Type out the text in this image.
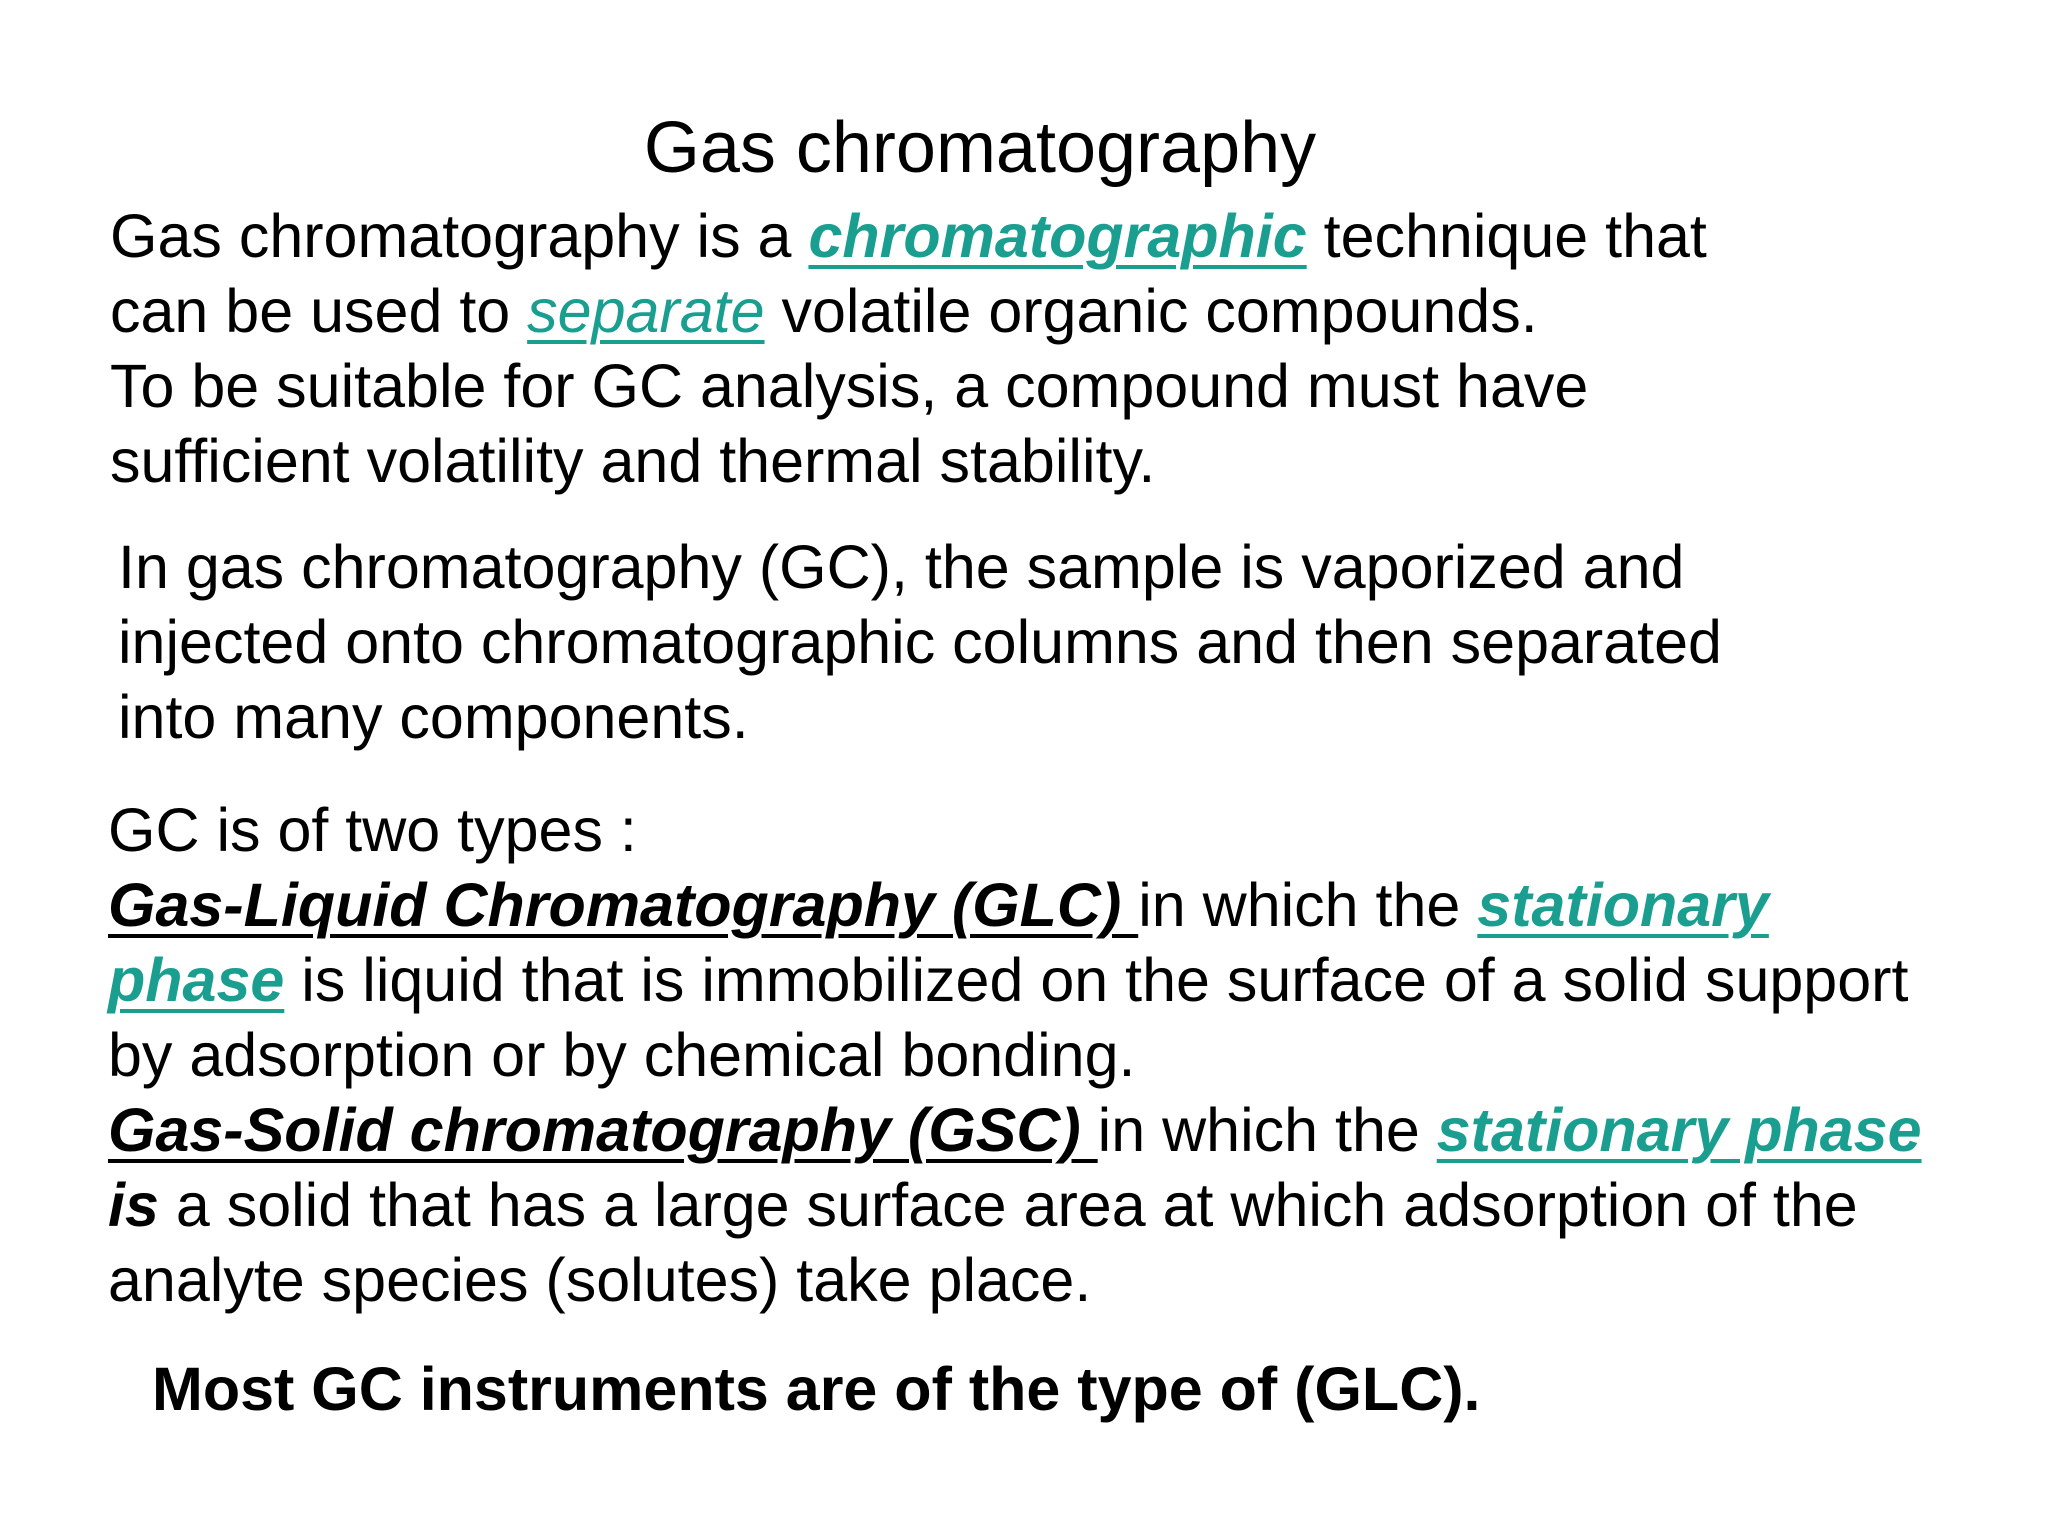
Gas chromatography
Gas chromatography is a chromatographic technique that
can be used to separate volatile organic compounds.
To be suitable for GC analysis, a compound must have
sufficient volatility and thermal stability.
In gas chromatography (GC), the sample is vaporized and
injected onto chromatographic columns and then separated
into many components.
GC is of two types :
Gas-Liquid Chromatography (GLC) in which the stationary
phase is liquid that is immobilized on the surface of a solid support
by adsorption or by chemical bonding.
Gas-Solid chromatography (GSC) in which the stationary phase
is a solid that has a large surface area at which adsorption of the
analyte species (solutes) take place.

Most GC instruments are of the type of (GLC).
